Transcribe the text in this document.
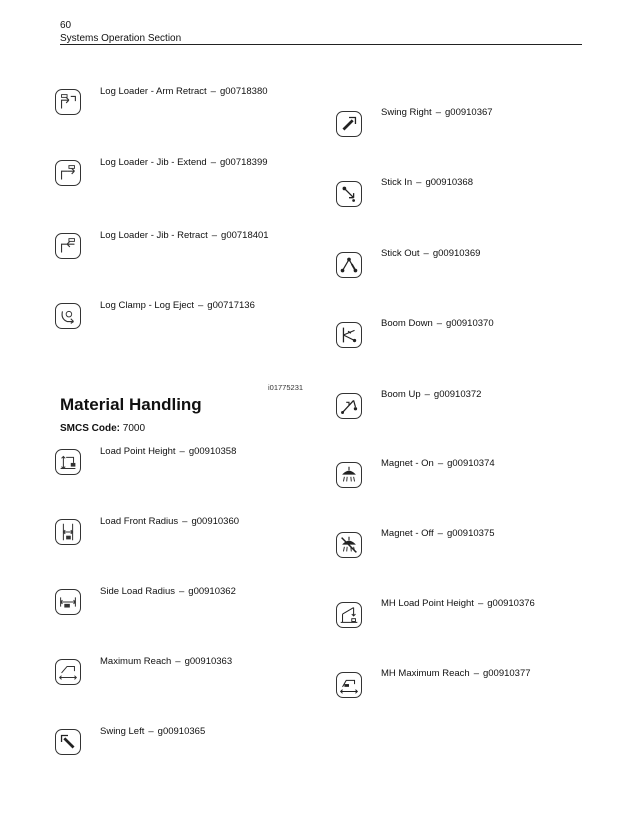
60
Systems Operation Section
Log Loader - Arm Retract – g00718380
Log Loader - Jib - Extend – g00718399
Log Loader - Jib - Retract – g00718401
Log Clamp - Log Eject – g00717136
i01775231
Material Handling
SMCS Code: 7000
Load Point Height – g00910358
Load Front Radius – g00910360
Side Load Radius – g00910362
Maximum Reach – g00910363
Swing Left – g00910365
Swing Right – g00910367
Stick In – g00910368
Stick Out – g00910369
Boom Down – g00910370
Boom Up – g00910372
Magnet - On – g00910374
Magnet - Off – g00910375
MH Load Point Height – g00910376
MH Maximum Reach – g00910377
